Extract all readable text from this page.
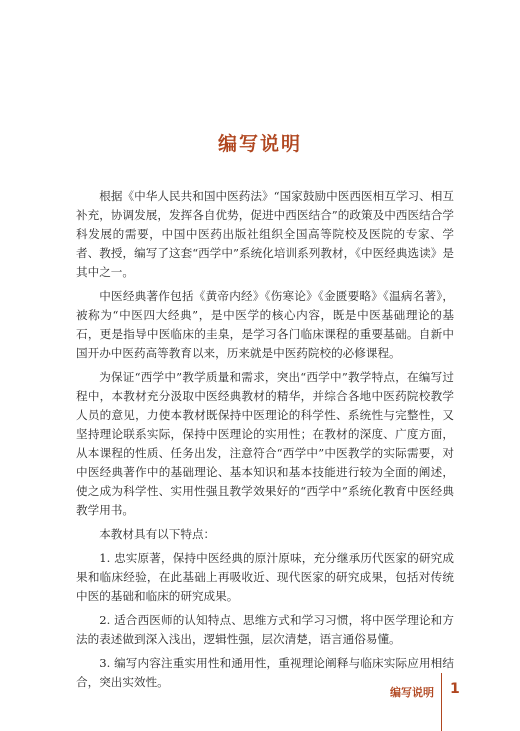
编写说明

根据《中华人民共和国中医药法》“国家鼓励中医西医相互学习、相互补充，协调发展，发挥各自优势，促进中西医结合”的政策及中西医结合学科发展的需要，中国中医药出版社组织全国高等院校及医院的专家、学者、教授，编写了这套“西学中”系统化培训系列教材，《中医经典选读》是其中之一。

中医经典著作包括《黄帝内经》《伤寒论》《金匮要略》《温病名著》，被称为“中医四大经典”，是中医学的核心内容，既是中医基础理论的基石，更是指导中医临床的圭臬，是学习各门临床课程的重要基础。自新中国开办中医药高等教育以来，历来就是中医药院校的必修课程。

为保证“西学中”教学质量和需求，突出“西学中”教学特点，在编写过程中，本教材充分汲取中医经典教材的精华，并综合各地中医药院校教学人员的意见，力使本教材既保持中医理论的科学性、系统性与完整性，又坚持理论联系实际，保持中医理论的实用性；在教材的深度、广度方面，从本课程的性质、任务出发，注意符合“西学中”中医教学的实际需要，对中医经典著作中的基础理论、基本知识和基本技能进行较为全面的阐述，使之成为科学性、实用性强且教学效果好的“西学中”系统化教育中医经典教学用书。

本教材具有以下特点：

1. 忠实原著，保持中医经典的原汁原味，充分继承历代医家的研究成果和临床经验，在此基础上再吸收近、现代医家的研究成果，包括对传统中医的基础和临床的研究成果。

2. 适合西医师的认知特点、思维方式和学习习惯，将中医学理论和方法的表述做到深入浅出，逻辑性强，层次清楚，语言通俗易懂。

3. 编写内容注重实用性和通用性，重视理论阐释与临床实际应用相结合，突出实效性。

编写说明 1
